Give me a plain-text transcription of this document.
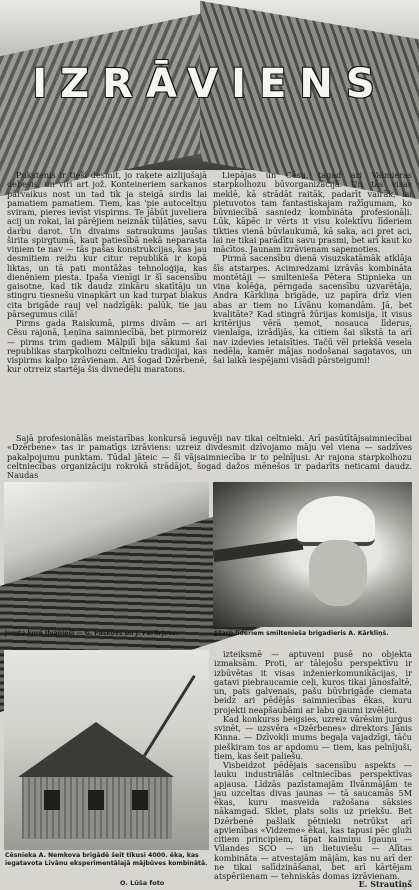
IZRĀVIENS

Pukstenis ir tieši desmit, jo raķete aizlijušajā debesis, un vīri art jož. Konteineriem sarkanos pārvaikus nost un tad tik ja steigā sirdis lai pamatiem pamatiem. Tiem, kas 'pie autoceltņu sviram, pieres ievīst vispirms. Te jābūt juvelierа acij un rokai, lai pārējiem neiznāk tūļāties, savu darbu darot. Un divaims satraukums jaušas širita spirgtumā, kaut patiesībā nekā neparasta viņiem te nav — tās pašas konstrukcijas, kas jau desmitiem reižu kur citur republikā ir kopā liktas, un tā pati montāžas tehnoloģija, kas dienēniem piesta. Ipaša vienīgi ir šī sacensību gaisotne, kad tik daudz zinkāru skatītāju un stingru tiesnešu vinapkārt un kad turpat blakus cita brigāde rauj vel nadzīgāk: palūk, tie jau pārsegumus cilā!

Pirms gada Raiskumā, pirms divām — ari Cēsu rajonā, Ļeņina saimniecībā, bet pirmoreiz — pirms trim gadiem Mālpilī bija sākumi šai republikas starpkolhozu celtnieku tradicijai, kas vispirms kalpo izrāvienam. Ari šogad Dzērbenē, kur otrreiz startēja šis divnedēļu maratons.

Liepājas un Cēsu, tagad ari Valmieras starpkolhozu būvorganizācijā. Un tās visas meklē, kā strādāt raitāk, padarīt vairāk, lai pietuvotos tam fantastiskajam ražīgumam, ko būvniecībā sasniedz kombināta profesionāļi. Lūk, kāpēc ir vērts it visu kolektīvu līderiem tikties vienā būvlaukumā, kā saka, aci pret aci, lai ne tikai parādītu savu prasmi, bet arī kaut ko mācītos. Jaunam izrāvienam sapemoties.

Pirmā sacensību dienā visuzskatāmāk atklāja šīs atstarpes. Acimredzami izrāvās kombināta montētāji — smiltenieša Pētera Stipnieka un viņa kolēģa, pērngada sacensību uzvarētāja, Andra Kārkliņa brigāde, uz papīra drīz vien abas ar tiem no Līvānu komandām. Jā, bet kvalitāte? Kad stingrā žūrijas komisija, it visus kritērijus vērā ņemot, nosauca līderus, vienlaiga, izrādījās, ka citiem šai sīkstā ta arī nav izdevies ietaisīties. Tačū vēl priekšā vesela nedēļa, kamēr mājas nodošanai sagatavos, un šai laikā iespējami visādi pārsteigumi!

Sajā profesionālās meistarības konkursā ieguvēji nav tikai celtnieki. Arī pasūtītājsaimniecībai «Dzērbene» tas ir pamatīgs izrāviens: uzreiz divdesmit dzīvojamo māju vel viena — sadzīves pakalpojumu punktam. Tūdal jāteic — šī vājsaimniecība ir to pelnījusi. Ar rajona starpkolhozu celtniecības organizāciju rokrokā strādājot, šogad dažos mēnešos ir padarīts neticami daudz. Naudas

Jumta korē Ilvānieši — G. Paškovs un J. Parfirjevs.	Starp līderiem smiltenieša brigadieris A. Kārkliņš.
Cēsnieka A. Nemkova brigādē šeit tikusi 4000. ēka, kas iegatavota Līvānu eksperimentālajā mājbūves kombinātā.
O. Lūša foto

izteiksmē — aptuveni pusē no objekta izmaksām. Proti, ar tālejošu perspektīvu ir izbūvētas it visas inženierkomunikācijas, ir gatavi piebraucamie ceļi, kuros tikai jānosfaltē, un, pats galvenais, pašu būvbrigāde ciemata beidz ari pēdējās saimniecības ēkas, kuru projekti neapšaubāmi ar labu gaumi izvēlēti.

Kad konkurss beigsies, uzreiz vārēsim jurģus svinēt, — uzsvēra «Dzērbenes» direktors Jānis Kinna. — Dzīvokļi mums begaļa vajadzīgi, tāču pieškiram tos ar apdomu — tiem, kas pelnījuši, tiem, kas šeit paliešu.

Visbeidzot pēdējais sacensību aspekts — lauku industriālās celtniecības perspektīvas apjausa. Līdzās pazīstamajām Ilvānmājām te jau uzceltas divas jaunas — tā saucamās 5M ēkas, kuru masveida ražošana sāksies nākamgad. Sklet, plats solis uz priekšu. Bet Dzērbenē pašlaik pētnieki netrūkst arī apvienības «Vidzeme» ēkai, kas tapusi pēc gluži citiem principiem, tāpat kaimiņu Igauņu — Vīlandes SCO — un lietuviešu — Alītas kombināta — atvestajām mājām, kas nu arī der ne tikai salīdzināšanai, bet arī kārtējam atspēriienam — tehniskās domas izrāvienam.

E. Strautiņš
